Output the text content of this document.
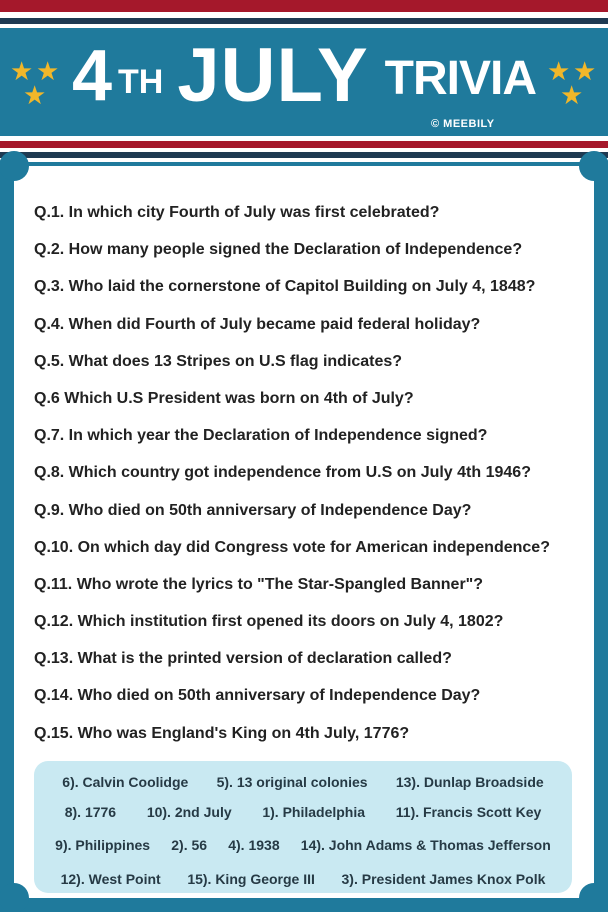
★ ★
★
★ ★
★
4 TH JULY TRIVIA
© MEEBILY
Q.1. In which city Fourth of July was first celebrated?
Q.2. How many people signed the Declaration of Independence?
Q.3. Who laid the cornerstone of Capitol Building on July 4, 1848?
Q.4. When did Fourth of July became paid federal holiday?
Q.5. What does 13 Stripes on U.S flag indicates?
Q.6 Which U.S President was born on 4th of July?
Q.7. In which year the Declaration of Independence signed?
Q.8. Which country got independence from U.S on July 4th 1946?
Q.9. Who died on 50th anniversary of Independence Day?
Q.10. On which day did Congress vote for American independence?
Q.11. Who wrote the lyrics to "The Star-Spangled Banner"?
Q.12. Which institution first opened its doors on July 4, 1802?
Q.13. What is the printed version of declaration called?
Q.14. Who died on 50th anniversary of Independence Day?
Q.15. Who was England's King on 4th July, 1776?
6). Calvin Coolidge 5). 13 original colonies 13). Dunlap Broadside
8). 1776 10). 2nd July 1). Philadelphia 11). Francis Scott Key
9). Philippines 2). 56 4). 1938 14). John Adams & Thomas Jefferson
12). West Point 15). King George III 3). President James Knox Polk
